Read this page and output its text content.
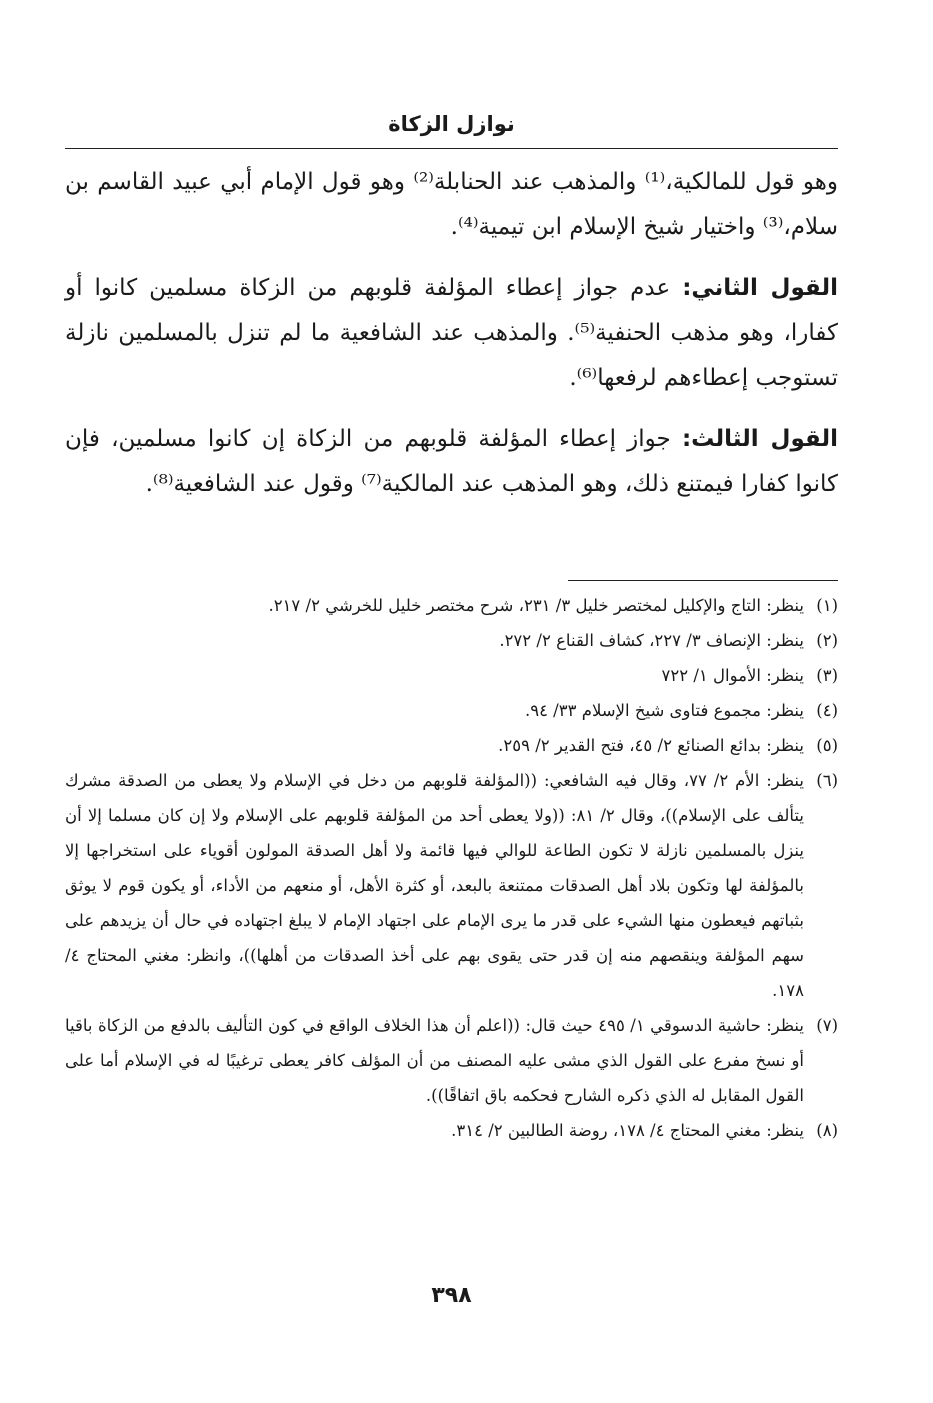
نوازل الزكاة

وهو قول للمالكية،⁽¹⁾ والمذهب عند الحنابلة⁽²⁾ وهو قول الإمام أبي عبيد القاسم بن سلام،⁽³⁾ واختيار شيخ الإسلام ابن تيمية⁽⁴⁾.

القول الثاني: عدم جواز إعطاء المؤلفة قلوبهم من الزكاة مسلمين كانوا أو كفارا، وهو مذهب الحنفية⁽⁵⁾. والمذهب عند الشافعية ما لم تنزل بالمسلمين نازلة تستوجب إعطاءهم لرفعها⁽⁶⁾.

القول الثالث: جواز إعطاء المؤلفة قلوبهم من الزكاة إن كانوا مسلمين، فإن كانوا كفارا فيمتنع ذلك، وهو المذهب عند المالكية⁽⁷⁾ وقول عند الشافعية⁽⁸⁾.

(١)
ينظر: التاج والإكليل لمختصر خليل ٣/ ٢٣١، شرح مختصر خليل للخرشي ٢/ ٢١٧.
(٢)
ينظر: الإنصاف ٣/ ٢٢٧، كشاف القناع ٢/ ٢٧٢.
(٣)
ينظر: الأموال ١/ ٧٢٢
(٤)
ينظر: مجموع فتاوى شيخ الإسلام ٣٣/ ٩٤.
(٥)
ينظر: بدائع الصنائع ٢/ ٤٥، فتح القدير ٢/ ٢٥٩.
(٦)
ينظر: الأم ٢/ ٧٧، وقال فيه الشافعي: ((المؤلفة قلوبهم من دخل في الإسلام ولا يعطى من الصدقة مشرك يتألف على الإسلام))، وقال ٢/ ٨١: ((ولا يعطى أحد من المؤلفة قلوبهم على الإسلام ولا إن كان مسلما إلا أن ينزل بالمسلمين نازلة لا تكون الطاعة للوالي فيها قائمة ولا أهل الصدقة المولون أقوياء على استخراجها إلا بالمؤلفة لها وتكون بلاد أهل الصدقات ممتنعة بالبعد، أو كثرة الأهل، أو منعهم من الأداء، أو يكون قوم لا يوثق بثباتهم فيعطون منها الشيء على قدر ما يرى الإمام على اجتهاد الإمام لا يبلغ اجتهاده في حال أن يزيدهم على سهم المؤلفة وينقصهم منه إن قدر حتى يقوى بهم على أخذ الصدقات من أهلها))، وانظر: مغني المحتاج ٤/ ١٧٨.
(٧)
ينظر: حاشية الدسوقي ١/ ٤٩٥ حيث قال: ((اعلم أن هذا الخلاف الواقع في كون التأليف بالدفع من الزكاة باقيا أو نسخ مفرع على القول الذي مشى عليه المصنف من أن المؤلف كافر يعطى ترغيبًا له في الإسلام أما على القول المقابل له الذي ذكره الشارح فحكمه باق اتفاقًا)).
(٨)
ينظر: مغني المحتاج ٤/ ١٧٨، روضة الطالبين ٢/ ٣١٤.
٣٩٨
